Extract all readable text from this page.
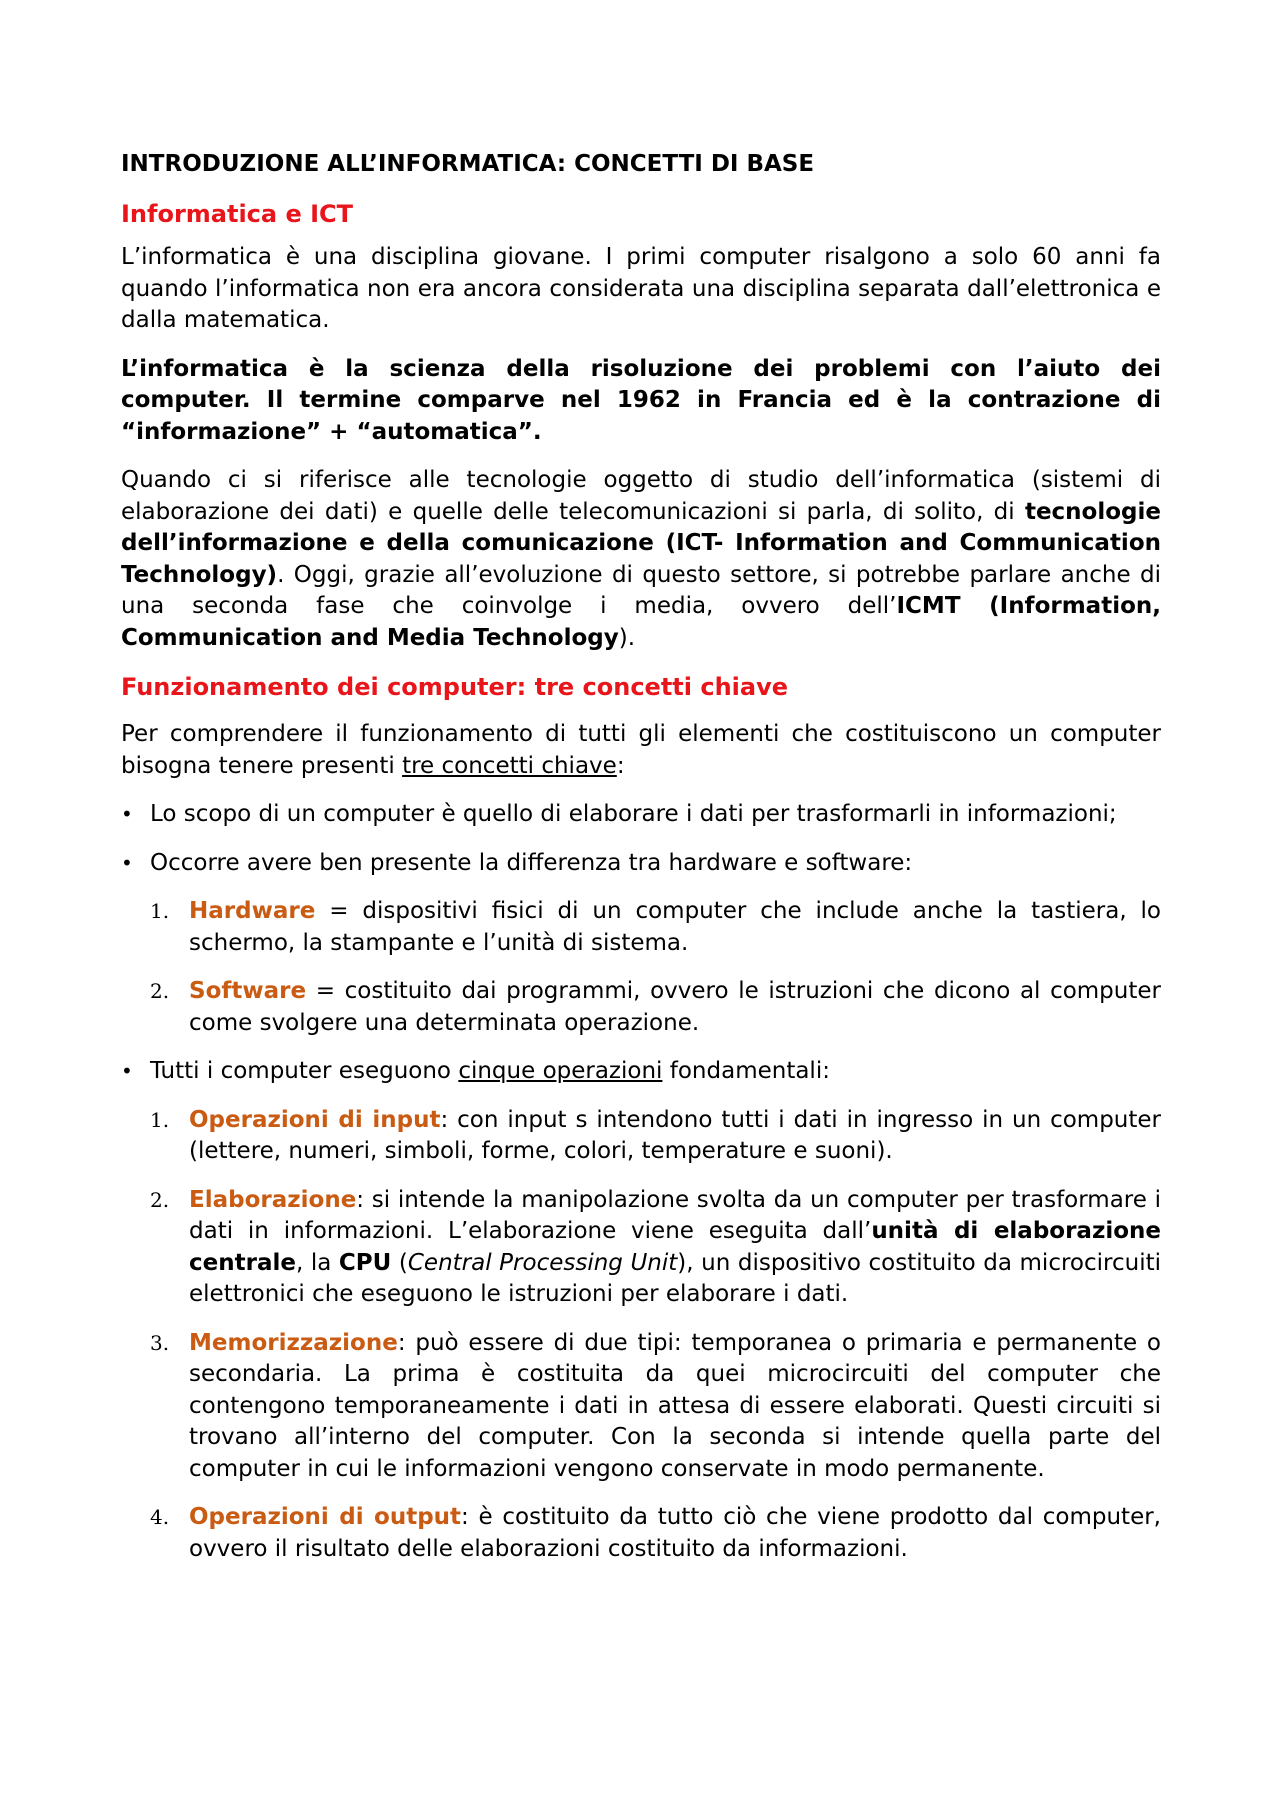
INTRODUZIONE ALL’INFORMATICA: CONCETTI DI BASE

Informatica e ICT

L’informatica è una disciplina giovane. I primi computer risalgono a solo 60 anni fa quando l’informatica non era ancora considerata una disciplina separata dall’elettronica e dalla matematica.

L’informatica è la scienza della risoluzione dei problemi con l’aiuto dei computer. Il termine comparve nel 1962 in Francia ed è la contrazione di “informazione” + “automatica”.

Quando ci si riferisce alle tecnologie oggetto di studio dell’informatica (sistemi di elaborazione dei dati) e quelle delle telecomunicazioni si parla, di solito, di tecnologie dell’informazione e della comunicazione (ICT- Information and Communication Technology). Oggi, grazie all’evoluzione di questo settore, si potrebbe parlare anche di una seconda fase che coinvolge i media, ovvero dell’ICMT (Information, Communication and Media Technology).

Funzionamento dei computer: tre concetti chiave

Per comprendere il funzionamento di tutti gli elementi che costituiscono un computer bisogna tenere presenti tre concetti chiave:

• Lo scopo di un computer è quello di elaborare i dati per trasformarli in informazioni;
• Occorre avere ben presente la differenza tra hardware e software:
1. Hardware = dispositivi fisici di un computer che include anche la tastiera, lo schermo, la stampante e l’unità di sistema.
2. Software = costituito dai programmi, ovvero le istruzioni che dicono al computer come svolgere una determinata operazione.
• Tutti i computer eseguono cinque operazioni fondamentali:
1. Operazioni di input: con input s intendono tutti i dati in ingresso in un computer (lettere, numeri, simboli, forme, colori, temperature e suoni).
2. Elaborazione: si intende la manipolazione svolta da un computer per trasformare i dati in informazioni. L’elaborazione viene eseguita dall’unità di elaborazione centrale, la CPU (Central Processing Unit), un dispositivo costituito da microcircuiti elettronici che eseguono le istruzioni per elaborare i dati.
3. Memorizzazione: può essere di due tipi: temporanea o primaria e permanente o secondaria. La prima è costituita da quei microcircuiti del computer che contengono temporaneamente i dati in attesa di essere elaborati. Questi circuiti si trovano all’interno del computer. Con la seconda si intende quella parte del computer in cui le informazioni vengono conservate in modo permanente.
4. Operazioni di output: è costituito da tutto ciò che viene prodotto dal computer, ovvero il risultato delle elaborazioni costituito da informazioni.
